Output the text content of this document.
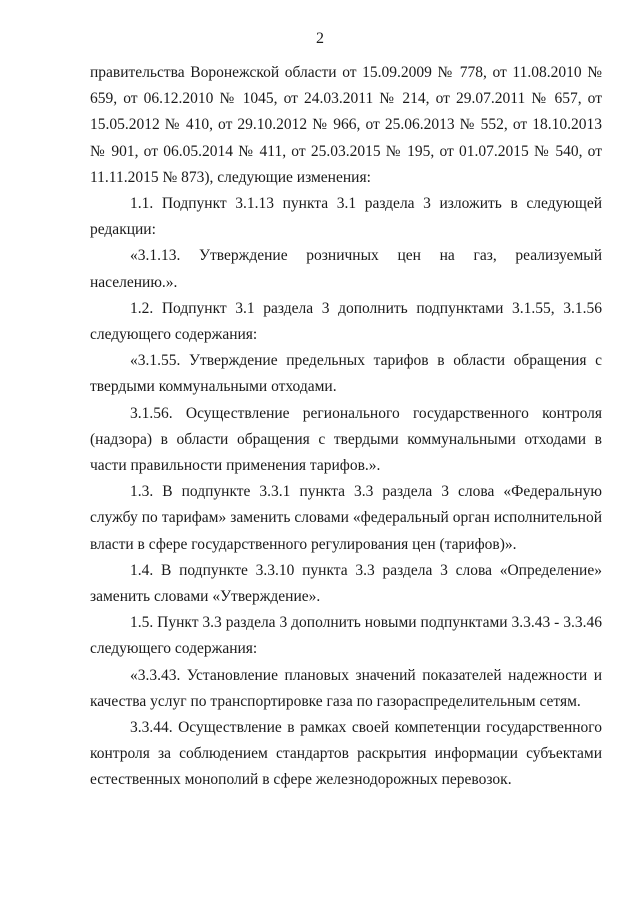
2

правительства Воронежской области от 15.09.2009 № 778, от 11.08.2010 № 659, от 06.12.2010 № 1045, от 24.03.2011 № 214, от 29.07.2011 № 657, от 15.05.2012 № 410, от 29.10.2012 № 966, от 25.06.2013 № 552, от 18.10.2013 № 901, от 06.05.2014 № 411, от 25.03.2015 № 195, от 01.07.2015 № 540, от 11.11.2015 № 873), следующие изменения:

1.1. Подпункт 3.1.13 пункта 3.1 раздела 3 изложить в следующей редакции:

«3.1.13. Утверждение розничных цен на газ, реализуемый населению.».

1.2. Подпункт 3.1 раздела 3 дополнить подпунктами 3.1.55, 3.1.56 следующего содержания:

«3.1.55. Утверждение предельных тарифов в области обращения с твердыми коммунальными отходами.

3.1.56. Осуществление регионального государственного контроля (надзора) в области обращения с твердыми коммунальными отходами в части правильности применения тарифов.».

1.3. В подпункте 3.3.1 пункта 3.3 раздела 3 слова «Федеральную службу по тарифам» заменить словами «федеральный орган исполнительной власти в сфере государственного регулирования цен (тарифов)».

1.4. В подпункте 3.3.10 пункта 3.3 раздела 3 слова «Определение» заменить словами «Утверждение».

1.5. Пункт 3.3 раздела 3 дополнить новыми подпунктами 3.3.43 - 3.3.46 следующего содержания:

«3.3.43. Установление плановых значений показателей надежности и качества услуг по транспортировке газа по газораспределительным сетям.

3.3.44. Осуществление в рамках своей компетенции государственного контроля за соблюдением стандартов раскрытия информации субъектами естественных монополий в сфере железнодорожных перевозок.
